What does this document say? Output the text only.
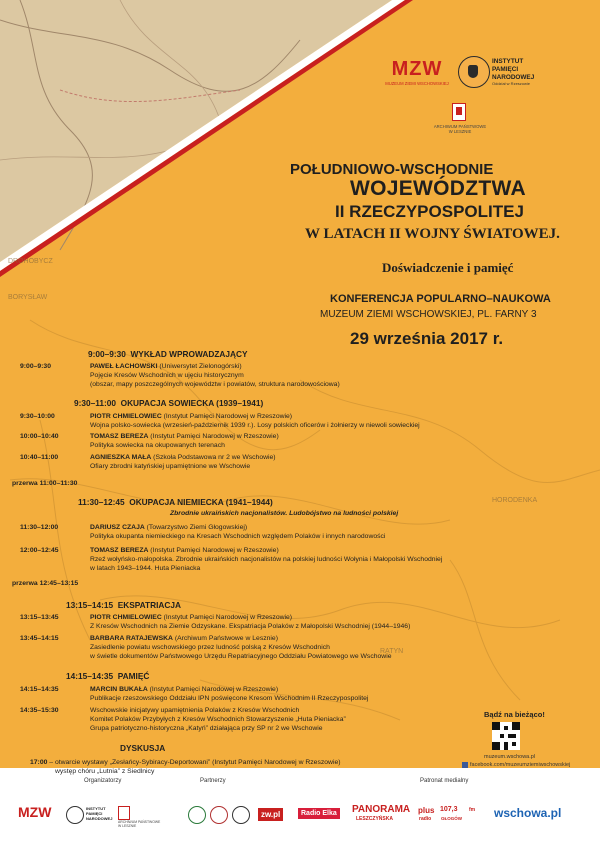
DROHOBYCZ
BORYSŁAW
HORODENKA
RATYN
MZW
MUZEUM ZIEMI WSCHOWSKIEJ
INSTYTUT
PAMIĘCI
NARODOWEJ
Oddział w Rzeszowie
ARCHIWUM PAŃSTWOWE
W LESZNIE
POŁUDNIOWO-WSCHODNIE
WOJEWÓDZTWA
II RZECZYPOSPOLITEJ
W LATACH II WOJNY ŚWIATOWEJ.
Doświadczenie i pamięć
KONFERENCJA POPULARNO–NAUKOWA
MUZEUM ZIEMI WSCHOWSKIEJ, PL. FARNY 3
29 września 2017 r.
9:00–9:30 WYKŁAD WPROWADZAJĄCY
9:00–9:30	PAWEŁ ŁACHOWSKI (Uniwersytet Zielonogórski)
Pojęcie Kresów Wschodnich w ujęciu historycznym
(obszar, mapy poszczególnych województw i powiatów, struktura narodowościowa)
9:30–11:00 OKUPACJA SOWIECKA (1939–1941)
9:30–10:00	PIOTR CHMIELOWIEC (Instytut Pamięci Narodowej w Rzeszowie)
Wojna polsko-sowiecka (wrzesień-październik 1939 r.). Losy polskich oficerów i żołnierzy w niewoli sowieckiej
10:00–10:40	TOMASZ BEREZA (Instytut Pamięci Narodowej w Rzeszowie)
Polityka sowiecka na okupowanych terenach
10:40–11:00	AGNIESZKA MAŁA (Szkoła Podstawowa nr 2 we Wschowie)
Ofiary zbrodni katyńskiej upamiętnione we Wschowie
przerwa 11:00–11:30
11:30–12:45 OKUPACJA NIEMIECKA (1941–1944)
Zbrodnie ukraińskich nacjonalistów. Ludobójstwo na ludności polskiej
11:30–12:00	DARIUSZ CZAJA (Towarzystwo Ziemi Głogowskiej)
Polityka okupanta niemieckiego na Kresach Wschodnich względem Polaków i innych narodowości
12:00–12:45	TOMASZ BEREZA (Instytut Pamięci Narodowej w Rzeszowie)
Rzeź wołyńsko-małopolska. Zbrodnie ukraińskich nacjonalistów na polskiej ludności Wołynia i Małopolski Wschodniej
w latach 1943–1944. Huta Pieniacka
przerwa 12:45–13:15
13:15–14:15 EKSPATRIACJA
13:15–13:45	PIOTR CHMIELOWIEC (Instytut Pamięci Narodowej w Rzeszowie)
Z Kresów Wschodnich na Ziemie Odzyskane. Ekspatriacja Polaków z Małopolski Wschodniej (1944–1946)
13:45–14:15	BARBARA RATAJEWSKA (Archiwum Państwowe w Lesznie)
Zasiedlenie powiatu wschowskiego przez ludność polską z Kresów Wschodnich
w świetle dokumentów Państwowego Urzędu Repatriacyjnego Oddziału Powiatowego we Wschowie
14:15–14:35 PAMIĘĆ
14:15–14:35	MARCIN BUKAŁA (Instytut Pamięci Narodowej w Rzeszowie)
Publikacje rzeszowskiego Oddziału IPN poświęcone Kresom Wschodnim II Rzeczypospolitej
14:35–15:30	Wschowskie inicjatywy upamiętnienia Polaków z Kresów Wschodnich
Komitet Polaków Przybyłych z Kresów Wschodnich Stowarzyszenie „Huta Pieniacka”
Grupa patriotyczno-historyczna „Katyń” działająca przy SP nr 2 we Wschowie
DYSKUSJA
17:00 – otwarcie wystawy „Zesłańcy-Sybiracy-Deportowani” (Instytut Pamięci Narodowej w Rzeszowie)
występ chóru „Lutnia” z Siedlnicy
Bądź na bieżąco!
muzeum.wschowa.pl
facebook.com/muzeumziemiwschowskiej
Organizatorzy	Partnerzy	Patronat medialny
MZW	INSTYTUT
PAMIĘCI
NARODOWEJ
ARCHIWUM PAŃSTWOWE
W LESZNIE
zw.pl	Radio Elka	PANORAMA
LESZCZYŃSKA
plus
radio
107,3 fm
GŁOGÓW	wschowa.pl
